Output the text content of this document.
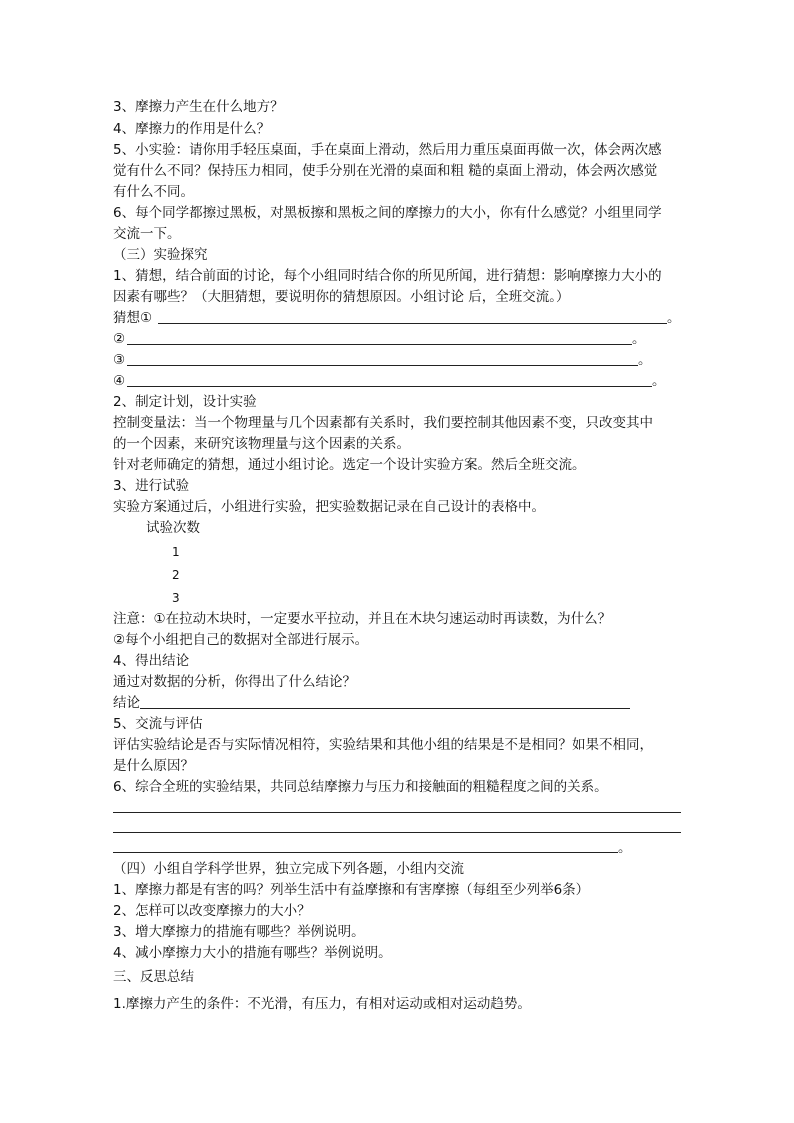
3、摩擦力产生在什么地方？
4、摩擦力的作用是什么？
5、小实验：请你用手轻压桌面，手在桌面上滑动，然后用力重压桌面再做一次，体会两次感
觉有什么不同？保持压力相同，使手分别在光滑的桌面和粗 糙的桌面上滑动，体会两次感觉
有什么不同。
6、每个同学都擦过黑板，对黑板擦和黑板之间的摩擦力的大小，你有什么感觉？小组里同学
交流一下。
（三）实验探究
1、猜想，结合前面的讨论，每个小组同时结合你的所见所闻，进行猜想：影响摩擦力大小的
因素有哪些？（大胆猜想，要说明你的猜想原因。小组讨论 后，全班交流。）
猜想①	。
②	。
③	。
④	。
2、制定计划，设计实验
控制变量法：当一个物理量与几个因素都有关系时，我们要控制其他因素不变，只改变其中
的一个因素，来研究该物理量与这个因素的关系。
针对老师确定的猜想，通过小组讨论。选定一个设计实验方案。然后全班交流。
3、进行试验
实验方案通过后，小组进行实验，把实验数据记录在自己设计的表格中。
试验次数
1
2
3
注意：①在拉动木块时，一定要水平拉动，并且在木块匀速运动时再读数，为什么？
②每个小组把自己的数据对全部进行展示。
4、得出结论
通过对数据的分析，你得出了什么结论？
结论
5、交流与评估
评估实验结论是否与实际情况相符，实验结果和其他小组的结果是不是相同？如果不相同，
是什么原因？
6、综合全班的实验结果，共同总结摩擦力与压力和接触面的粗糙程度之间的关系。
。
（四）小组自学科学世界，独立完成下列各题，小组内交流
1、摩擦力都是有害的吗？列举生活中有益摩擦和有害摩擦（每组至少列举6条）
2、怎样可以改变摩擦力的大小？
3、增大摩擦力的措施有哪些？举例说明。
4、减小摩擦力大小的措施有哪些？举例说明。
三、反思总结
1.摩擦力产生的条件：不光滑，有压力，有相对运动或相对运动趋势。
